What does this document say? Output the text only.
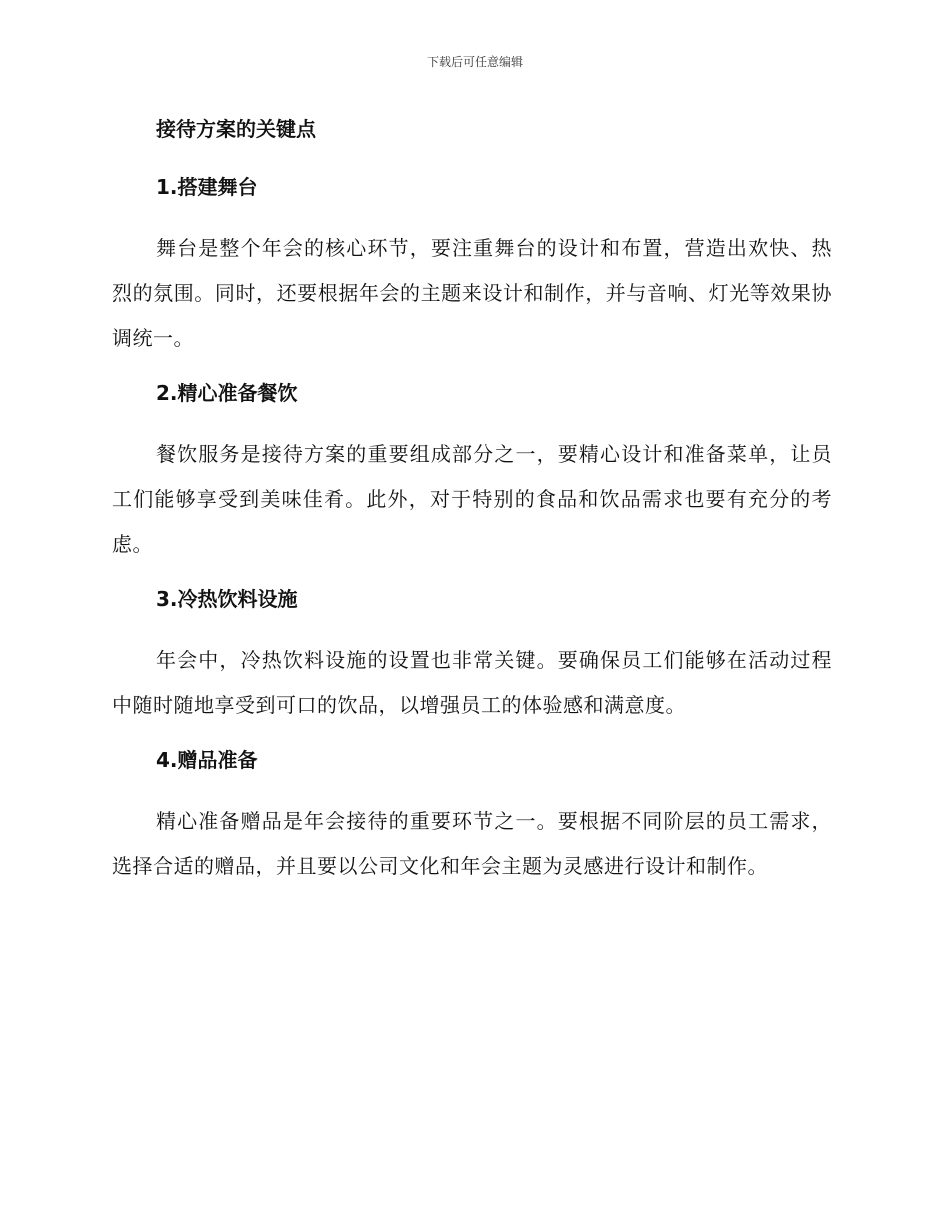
下载后可任意编辑
接待方案的关键点
1.搭建舞台

舞台是整个年会的核心环节，要注重舞台的设计和布置，营造出欢快、热烈的氛围。同时，还要根据年会的主题来设计和制作，并与音响、灯光等效果协调统一。

2.精心准备餐饮

餐饮服务是接待方案的重要组成部分之一，要精心设计和准备菜单，让员工们能够享受到美味佳肴。此外，对于特别的食品和饮品需求也要有充分的考虑。

3.冷热饮料设施

年会中，冷热饮料设施的设置也非常关键。要确保员工们能够在活动过程中随时随地享受到可口的饮品，以增强员工的体验感和满意度。

4.赠品准备

精心准备赠品是年会接待的重要环节之一。要根据不同阶层的员工需求，选择合适的赠品，并且要以公司文化和年会主题为灵感进行设计和制作。
